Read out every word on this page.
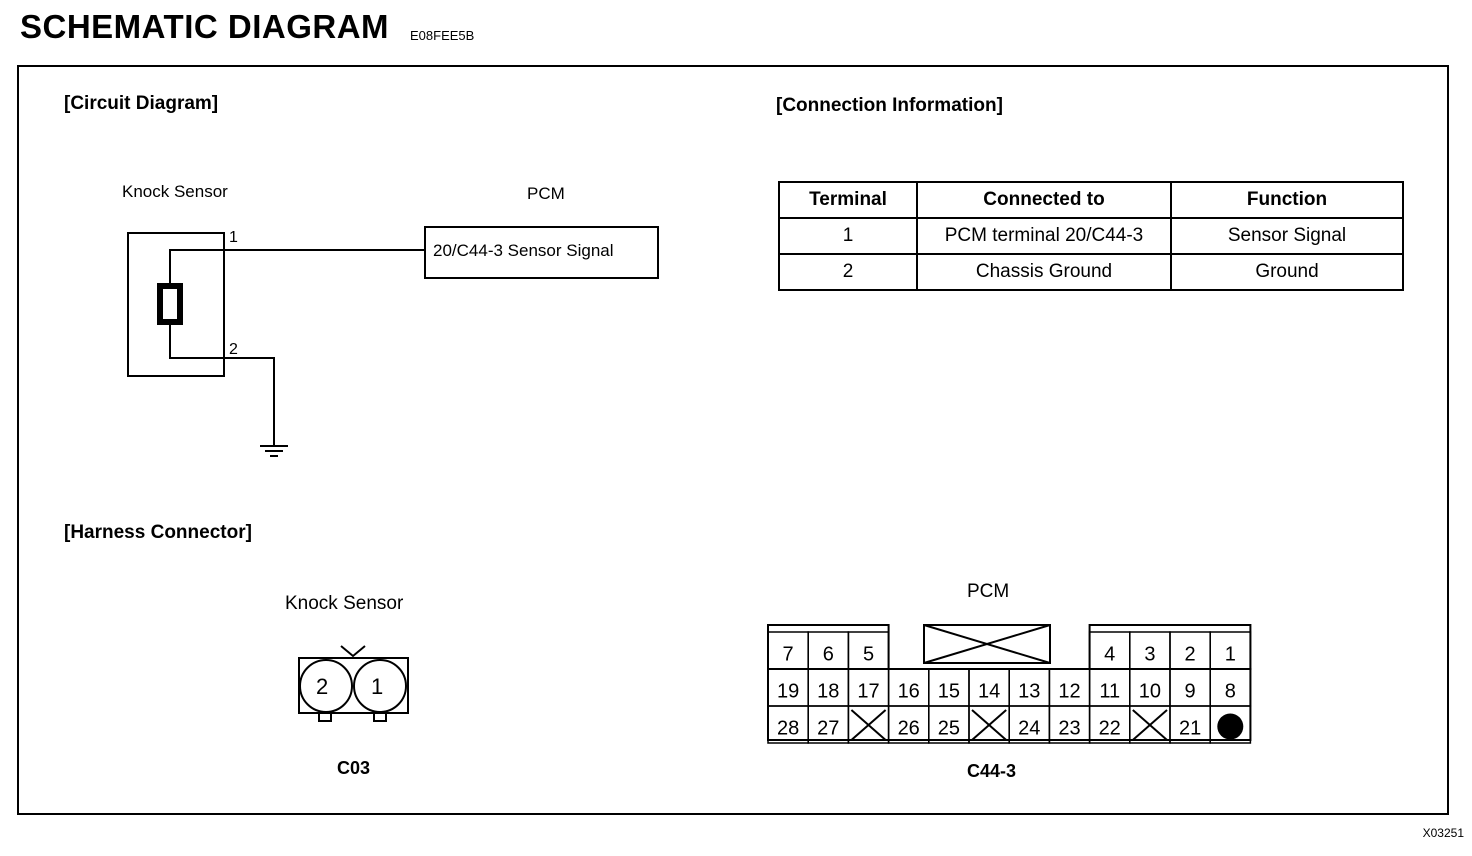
SCHEMATIC DIAGRAM E08FEE5B
X03251
[Circuit Diagram]	[Connection Information]
[Harness Connector]
Knock Sensor	PCM
7 6 5	4 3 2 1
19 18 17 16 15 14 13 12 11 10 9 8
28 27	26 25	24 23 22	21
20/C44-3 Sensor Signal
1
2
Terminal	Connected to	Function
1	PCM terminal 20/C44-3	Sensor Signal
2	Chassis Ground	Ground
Knock Sensor
2 1
C03
PCM
C44-3
